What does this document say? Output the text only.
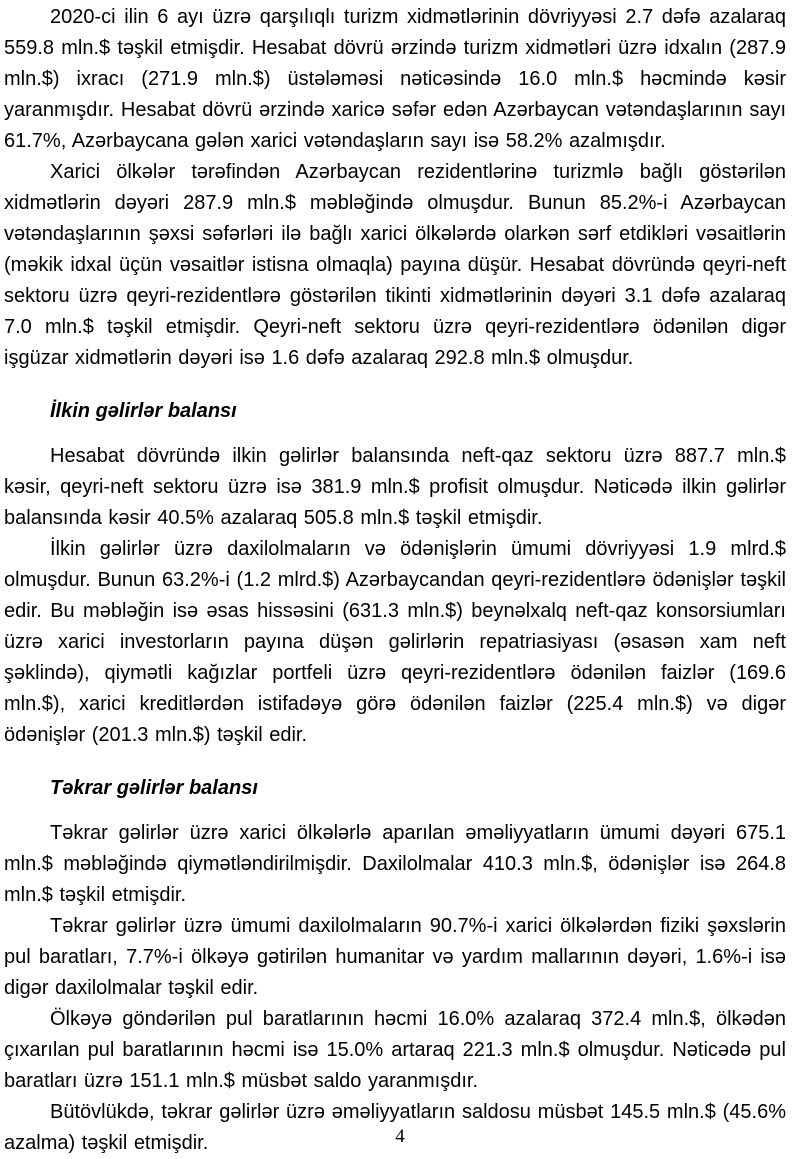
2020-ci ilin 6 ayı üzrə qarşılıqlı turizm xidmətlərinin dövriyyəsi 2.7 dəfə azalaraq 559.8 mln.$ təşkil etmişdir. Hesabat dövrü ərzində turizm xidmətləri üzrə idxalın (287.9 mln.$) ixracı (271.9 mln.$) üstələməsi nəticəsində 16.0 mln.$ həcmində kəsir yaranmışdır. Hesabat dövrü ərzində xaricə səfər edən Azərbaycan vətəndaşlarının sayı 61.7%, Azərbaycana gələn xarici vətəndaşların sayı isə 58.2% azalmışdır.

Xarici ölkələr tərəfindən Azərbaycan rezidentlərinə turizmlə bağlı göstərilən xidmətlərin dəyəri 287.9 mln.$ məbləğində olmuşdur. Bunun 85.2%-i Azərbaycan vətəndaşlarının şəxsi səfərləri ilə bağlı xarici ölkələrdə olarkən sərf etdikləri vəsaitlərin (məkik idxal üçün vəsaitlər istisna olmaqla) payına düşür. Hesabat dövründə qeyri-neft sektoru üzrə qeyri-rezidentlərə göstərilən tikinti xidmətlərinin dəyəri 3.1 dəfə azalaraq 7.0 mln.$ təşkil etmişdir. Qeyri-neft sektoru üzrə qeyri-rezidentlərə ödənilən digər işgüzar xidmətlərin dəyəri isə 1.6 dəfə azalaraq 292.8 mln.$ olmuşdur.

İlkin gəlirlər balansı

Hesabat dövründə ilkin gəlirlər balansında neft-qaz sektoru üzrə 887.7 mln.$ kəsir, qeyri-neft sektoru üzrə isə 381.9 mln.$ profisit olmuşdur. Nəticədə ilkin gəlirlər balansında kəsir 40.5% azalaraq 505.8 mln.$ təşkil etmişdir.

İlkin gəlirlər üzrə daxilolmaların və ödənişlərin ümumi dövriyyəsi 1.9 mlrd.$ olmuşdur. Bunun 63.2%-i (1.2 mlrd.$) Azərbaycandan qeyri-rezidentlərə ödənişlər təşkil edir. Bu məbləğin isə əsas hissəsini (631.3 mln.$) beynəlxalq neft-qaz konsorsiumları üzrə xarici investorların payına düşən gəlirlərin repatriasiyası (əsasən xam neft şəklində), qiymətli kağızlar portfeli üzrə qeyri-rezidentlərə ödənilən faizlər (169.6 mln.$), xarici kreditlərdən istifadəyə görə ödənilən faizlər (225.4 mln.$) və digər ödənişlər (201.3 mln.$) təşkil edir.

Təkrar gəlirlər balansı

Təkrar gəlirlər üzrə xarici ölkələrlə aparılan əməliyyatların ümumi dəyəri 675.1 mln.$ məbləğində qiymətləndirilmişdir. Daxilolmalar 410.3 mln.$, ödənişlər isə 264.8 mln.$ təşkil etmişdir.

Təkrar gəlirlər üzrə ümumi daxilolmaların 90.7%-i xarici ölkələrdən fiziki şəxslərin pul baratları, 7.7%-i ölkəyə gətirilən humanitar və yardım mallarının dəyəri, 1.6%-i isə digər daxilolmalar təşkil edir.

Ölkəyə göndərilən pul baratlarının həcmi 16.0% azalaraq 372.4 mln.$, ölkədən çıxarılan pul baratlarının həcmi isə 15.0% artaraq 221.3 mln.$ olmuşdur. Nəticədə pul baratları üzrə 151.1 mln.$ müsbət saldo yaranmışdır.

Bütövlükdə, təkrar gəlirlər üzrə əməliyyatların saldosu müsbət 145.5 mln.$ (45.6% azalma) təşkil etmişdir.	4
